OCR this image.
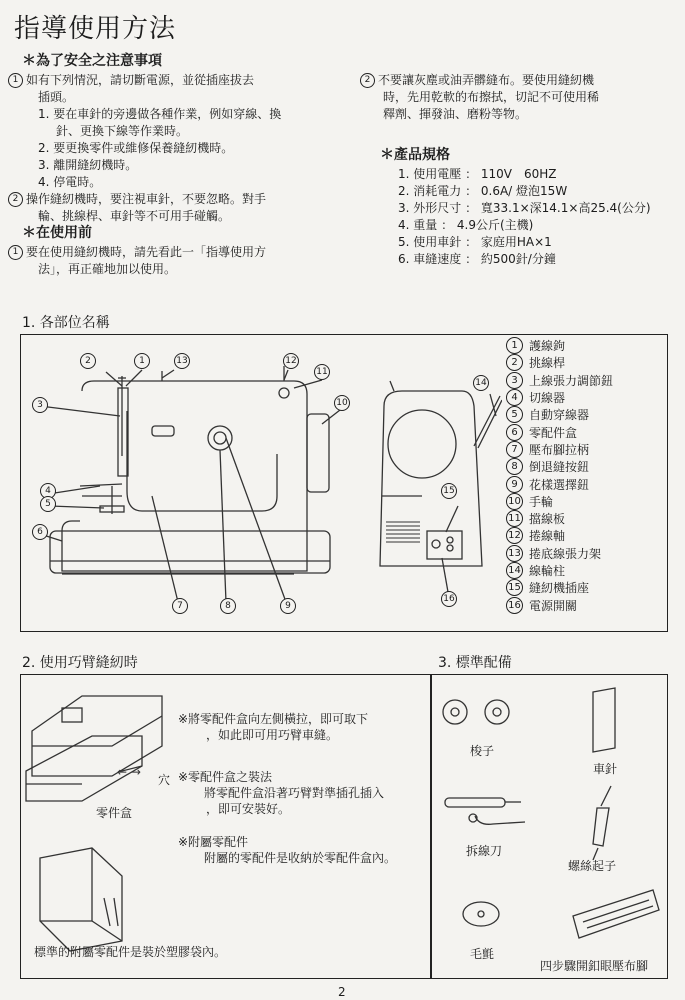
指導使用方法
＊為了安全之注意事項
1 如有下列情況，請切斷電源，並從插座拔去
插頭。
1. 要在車針的旁邊做各種作業，例如穿線、換
針、更換下線等作業時。
2. 要更換零件或維修保養縫紉機時。
3. 離開縫紉機時。
4. 停電時。
2 操作縫紉機時，要注視車針，不要忽略。對手
輪、挑線桿、車針等不可用手碰觸。
＊在使用前
1 要在使用縫紉機時，請先看此一「指導使用方
法」，再正確地加以使用。
2 不要讓灰塵或油弄髒縫布。要使用縫紉機
時，先用乾軟的布擦拭，切記不可使用稀
釋劑、揮發油、磨粉等物。
＊產品規格
1. 使用電壓 ： 110V　60HZ
2. 消耗電力 ： 0.6A/ 燈泡15W
3. 外形尺寸 ： 寬33.1×深14.1×高25.4(公分)
4. 重量 ： 4.9公斤(主機)
5. 使用車針 ： 家庭用HA×1
6. 車縫速度 ： 約500針/分鐘
1. 各部位名稱
2	1	13	12
11
10
3
4
5
6
7	8	9
14
15
16
1 護線鉤
2 挑線桿
3 上線張力調節鈕
4 切線器
5 自動穿線器
6 零配件盒
7 壓布腳拉柄
8 倒退縫按鈕
9 花樣選擇鈕
10 手輪
11 擋線板
12 捲線軸
13 捲底線張力架
14 線輪柱
15 縫紉機插座
16 電源開關
2. 使用巧臂縫紉時
← →
※將零配件盒向左側橫拉，即可取下
，如此即可用巧臂車縫。
穴 ※零配件盒之裝法
將零配件盒沿著巧臂對準插孔插入
，即可安裝好。
零件盒
※附屬零配件
附屬的零配件是收納於零配件盒內。
標準的附屬零配件是裝於塑膠袋內。
3. 標準配備
梭子
車針
拆線刀
螺絲起子
毛氈
四步驟開釦眼壓布腳
2
